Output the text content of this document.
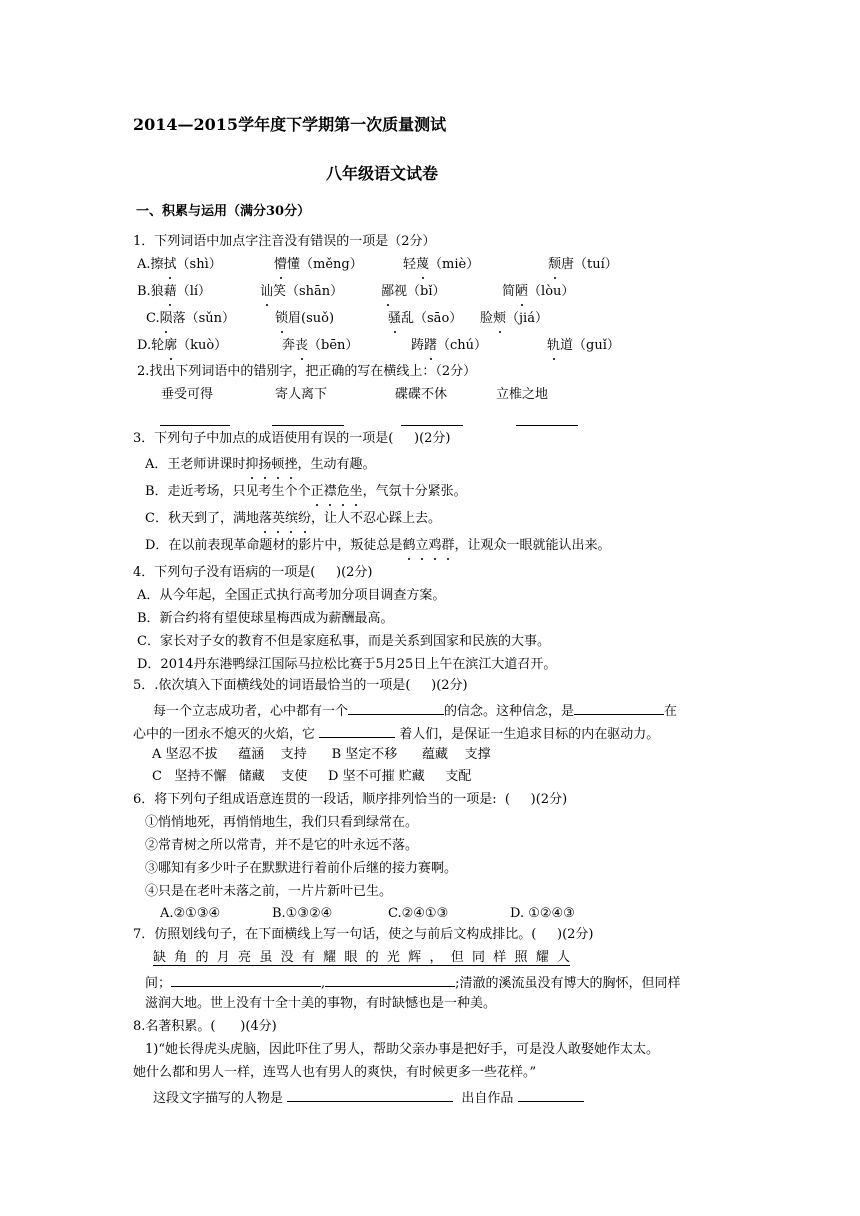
2014—2015学年度下学期第一次质量测试
八年级语文试卷
一、积累与运用（满分30分）
1．下列词语中加点字注音没有错误的一项是（2分）
A.擦拭（shì）	懵懂（měng）	轻蔑（miè）	颓唐（tuí）
B.狼藉（lí）	讪笑（shān）	鄙视（bǐ）	简陋（lòu）
C.陨落（sǔn）	锁眉(suǒ)	骚乱（sāo） 脸颊（jiá）
D.轮廓（kuò）	奔丧（bēn）	踌躇（chú）	轨道（guǐ）
2.找出下列词语中的错别字，把正确的写在横线上：（2分）
垂受可得	寄人离下	碟碟不休	立椎之地
3．下列句子中加点的成语使用有误的一项是(     )(2分)
A．王老师讲课时抑扬顿挫，生动有趣。
B．走近考场，只见考生个个正襟危坐，气氛十分紧张。
C．秋天到了，满地落英缤纷，让人不忍心踩上去。
D．在以前表现革命题材的影片中，叛徒总是鹤立鸡群，让观众一眼就能认出来。
4．下列句子没有语病的一项是(     )(2分)
A．从今年起，全国正式执行高考加分项目调查方案。
B．新合约将有望使球星梅西成为薪酬最高。
C．家长对子女的教育不但是家庭私事，而是关系到国家和民族的大事。
D．2014丹东港鸭绿江国际马拉松比赛于5月25日上午在滨江大道召开。
5．.依次填入下面横线处的词语最恰当的一项是(     )(2分)
每一个立志成功者，心中都有一个	的信念。这种信念，是	在
心中的一团永不熄灭的火焰，它	着人们，是保证一生追求目标的内在驱动力。
A 坚忍不拔 蕴涵 支持 B 坚定不移 蕴藏 支撑
C 坚持不懈 储藏 支使 D 坚不可摧 贮藏 支配
6．将下列句子组成语意连贯的一段话，顺序排列恰当的一项是:  (     )(2分)
①悄悄地死，再悄悄地生，我们只看到绿常在。
②常青树之所以常青，并不是它的叶永远不落。
③哪知有多少叶子在默默进行着前仆后继的接力赛啊。
④只是在老叶未落之前，一片片新叶已生。
A.②①③④	B.①③②④	C.②④①③	D. ①②④③
7．仿照划线句子，在下面横线上写一句话，使之与前后文构成排比。(     )(2分)
缺  角  的  月  亮  虽  没  有  耀  眼  的  光  辉  ，  但  同  样  照  耀  人
间；	,	;清澈的溪流虽没有博大的胸怀，但同样
滋润大地。世上没有十全十美的事物，有时缺憾也是一种美。
8.名著积累。(      )(4分)
1)“她长得虎头虎脑，因此吓住了男人，帮助父亲办事是把好手，可是没人敢娶她作太太。
她什么都和男人一样，连骂人也有男人的爽快，有时候更多一些花样。”
这段文字描写的人物是	出自作品
